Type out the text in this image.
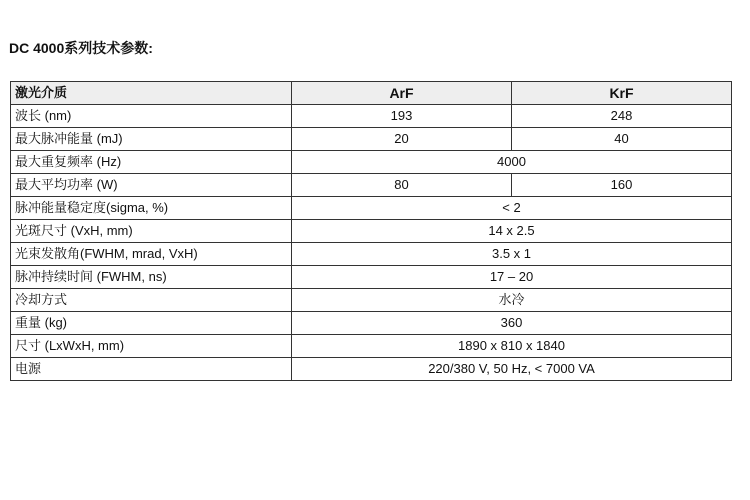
DC 4000系列技术参数:
激光介质	ArF	KrF
波长 (nm)	193	248
最大脉冲能量 (mJ)	20	40
最大重复频率 (Hz)	4000	
最大平均功率 (W)	80	160
脉冲能量稳定度(sigma, %)	< 2	
光斑尺寸 (VxH, mm)	14 x 2.5	
光束发散角(FWHM, mrad, VxH)	3.5 x 1	
脉冲持续时间 (FWHM, ns)	17 – 20	
冷却方式	水冷	
重量 (kg)	360	
尺寸 (LxWxH, mm)	1890 x 810 x 1840	
电源	220/380 V, 50 Hz, < 7000 VA	
